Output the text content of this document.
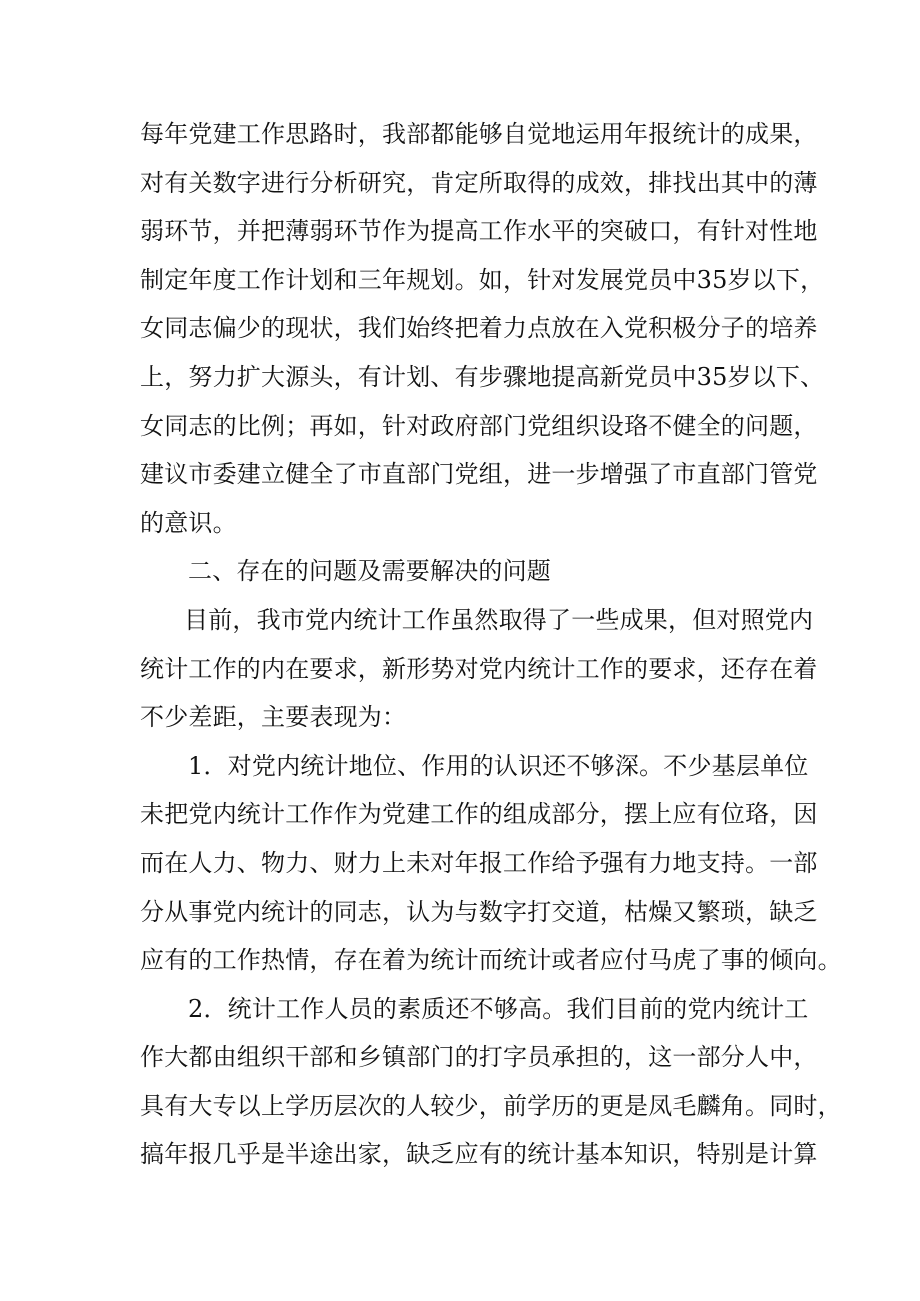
每年党建工作思路时，我部都能够自觉地运用年报统计的成果，
对有关数字进行分析研究，肯定所取得的成效，排找出其中的薄
弱环节，并把薄弱环节作为提高工作水平的突破口，有针对性地
制定年度工作计划和三年规划。如，针对发展党员中35岁以下，
女同志偏少的现状，我们始终把着力点放在入党积极分子的培养
上，努力扩大源头，有计划、有步骤地提高新党员中35岁以下、
女同志的比例；再如，针对政府部门党组织设珞不健全的问题，
建议市委建立健全了市直部门党组，进一步增强了市直部门管党
的意识。
二、存在的问题及需要解决的问题
目前，我市党内统计工作虽然取得了一些成果，但对照党内
统计工作的内在要求，新形势对党内统计工作的要求，还存在着
不少差距，主要表现为：
1．对党内统计地位、作用的认识还不够深。不少基层单位
未把党内统计工作作为党建工作的组成部分，摆上应有位珞，因
而在人力、物力、财力上未对年报工作给予强有力地支持。一部
分从事党内统计的同志，认为与数字打交道，枯燥又繁琐，缺乏
应有的工作热情，存在着为统计而统计或者应付马虎了事的倾向。
2．统计工作人员的素质还不够高。我们目前的党内统计工
作大都由组织干部和乡镇部门的打字员承担的，这一部分人中，
具有大专以上学历层次的人较少，前学历的更是凤毛麟角。同时，
搞年报几乎是半途出家，缺乏应有的统计基本知识，特别是计算
